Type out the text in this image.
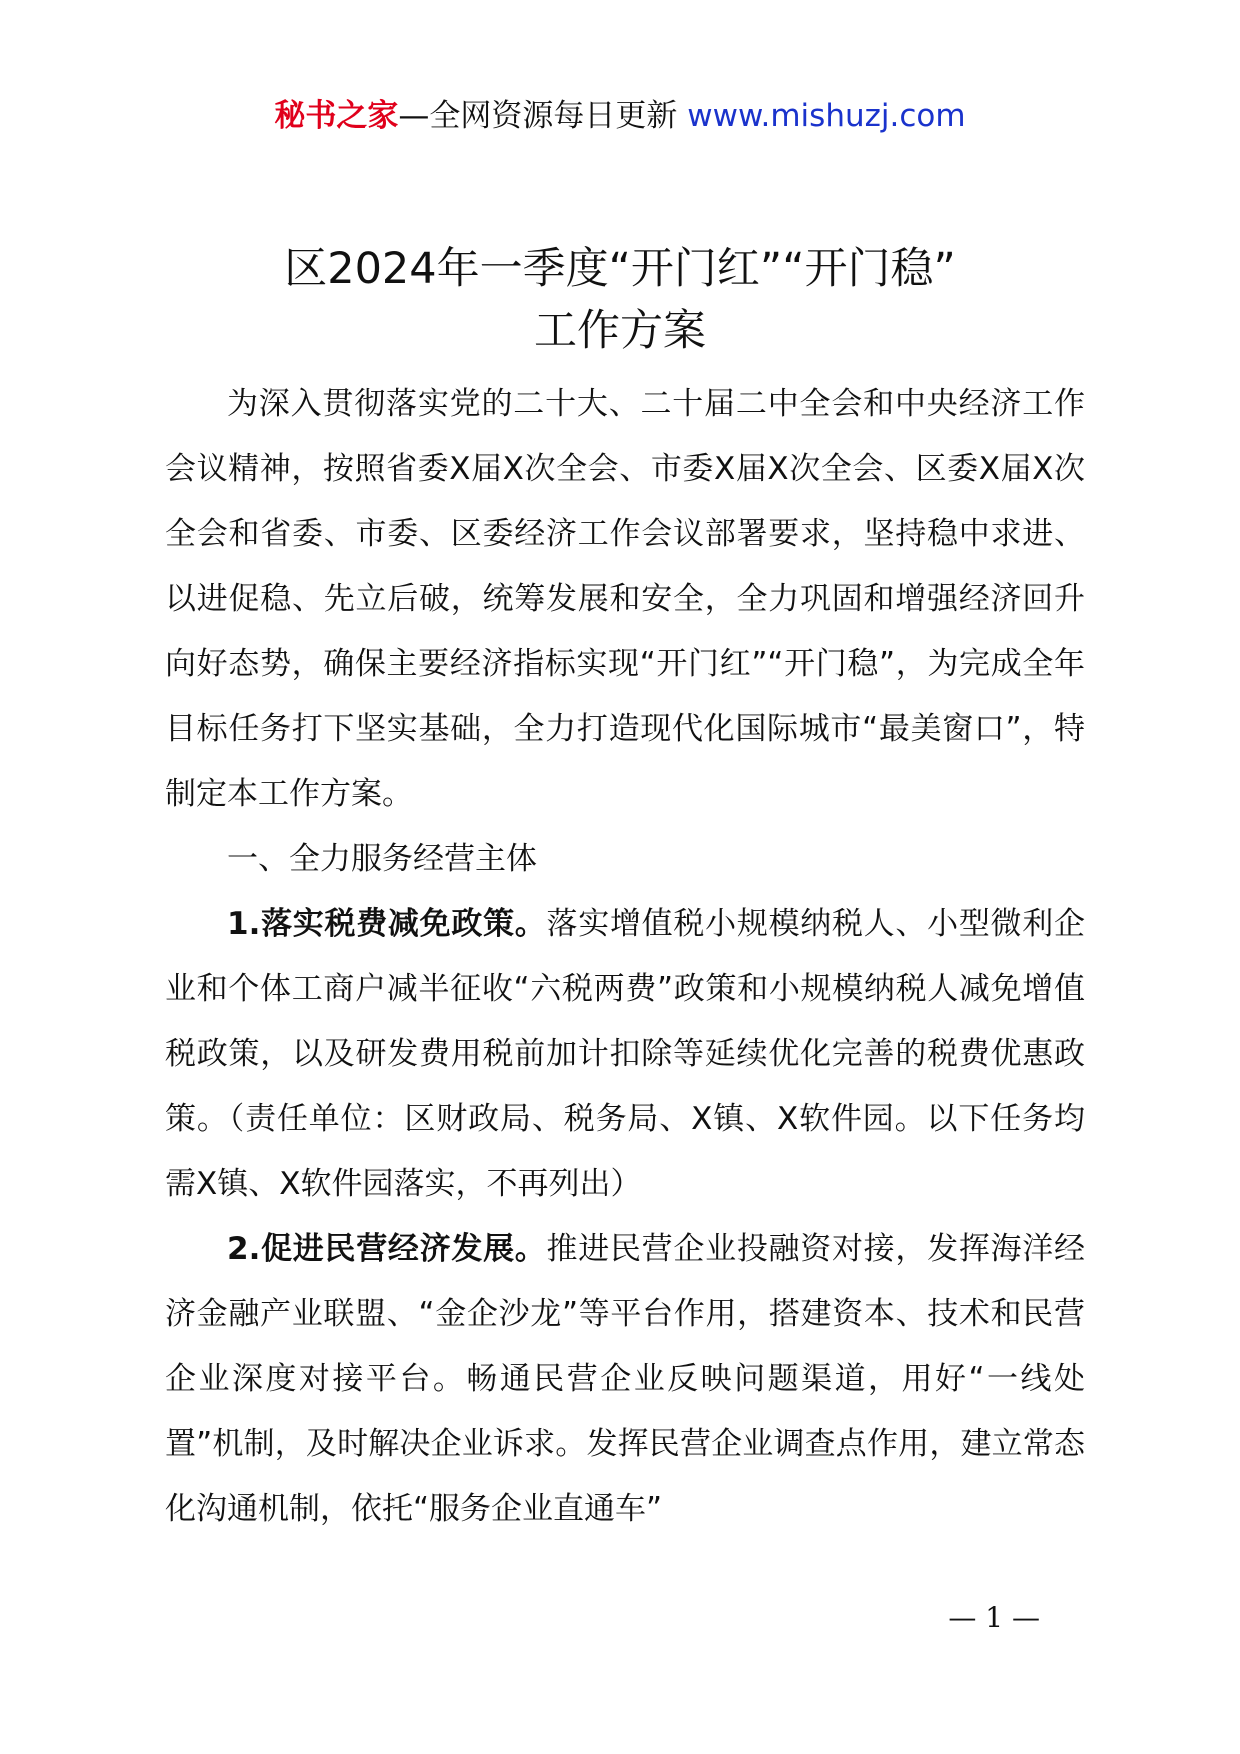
秘书之家—全网资源每日更新 www.mishuzj.com
区2024年一季度“开门红”“开门稳”
工作方案

为深入贯彻落实党的二十大、二十届二中全会和中央经济工作会议精神，按照省委X届X次全会、市委X届X次全会、区委X届X次全会和省委、市委、区委经济工作会议部署要求，坚持稳中求进、以进促稳、先立后破，统筹发展和安全，全力巩固和增强经济回升向好态势，确保主要经济指标实现“开门红”“开门稳”，为完成全年目标任务打下坚实基础，全力打造现代化国际城市“最美窗口”，特制定本工作方案。

一、全力服务经营主体

1.落实税费减免政策。落实增值税小规模纳税人、小型微利企业和个体工商户减半征收“六税两费”政策和小规模纳税人减免增值税政策，以及研发费用税前加计扣除等延续优化完善的税费优惠政策。（责任单位：区财政局、税务局、X镇、X软件园。以下任务均需X镇、X软件园落实，不再列出）

2.促进民营经济发展。推进民营企业投融资对接，发挥海洋经济金融产业联盟、“金企沙龙”等平台作用，搭建资本、技术和民营企业深度对接平台。畅通民营企业反映问题渠道，用好“一线处置”机制，及时解决企业诉求。发挥民营企业调查点作用，建立常态化沟通机制，依托“服务企业直通车”

— 1 —
